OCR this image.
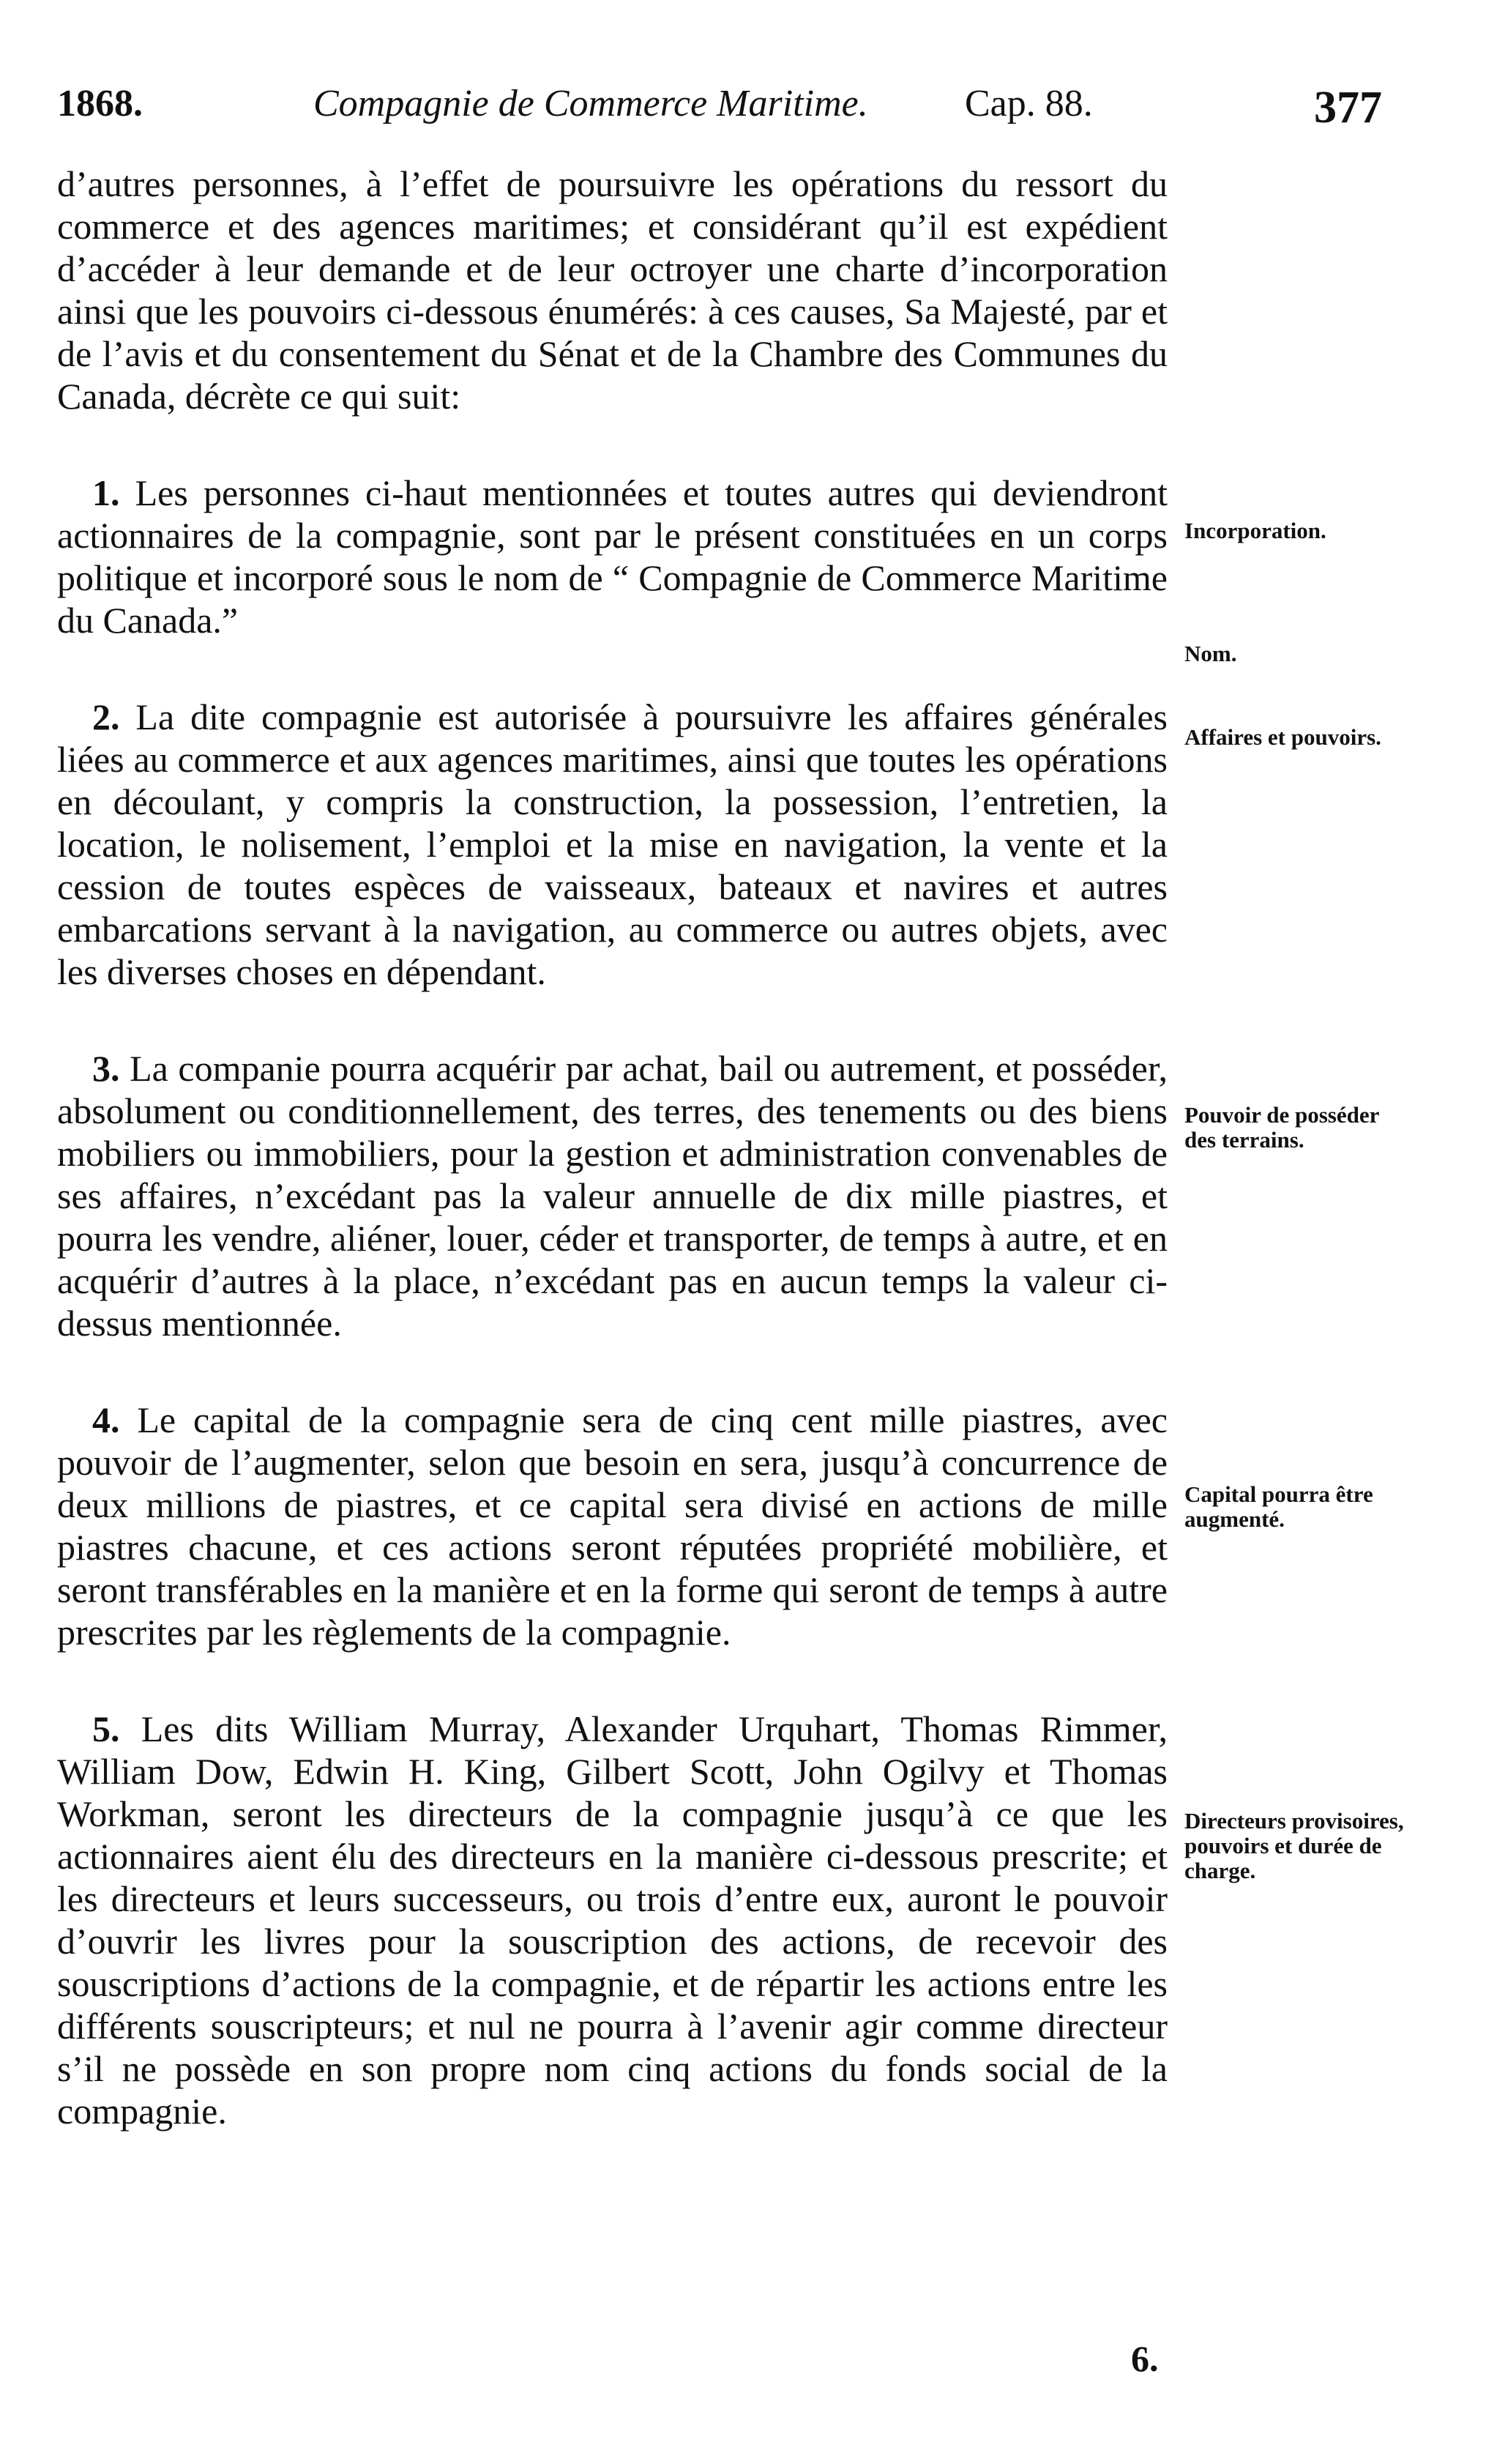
1868.	Compagnie de Commerce Maritime.	Cap. 88.	377

d’autres personnes, à l’effet de poursuivre les opérations du ressort du commerce et des agences maritimes; et considérant qu’il est expédient d’accéder à leur demande et de leur octroyer une charte d’incorporation ainsi que les pouvoirs ci-dessous énumérés: à ces causes, Sa Majesté, par et de l’avis et du consentement du Sénat et de la Chambre des Communes du Canada, décrète ce qui suit:

1. Les personnes ci-haut mentionnées et toutes autres qui deviendront actionnaires de la compagnie, sont par le présent constituées en un corps politique et incorporé sous le nom de “ Compagnie de Commerce Maritime du Canada.”

2. La dite compagnie est autorisée à poursuivre les affaires générales liées au commerce et aux agences maritimes, ainsi que toutes les opérations en découlant, y compris la construction, la possession, l’entretien, la location, le nolisement, l’emploi et la mise en navigation, la vente et la cession de toutes espèces de vaisseaux, bateaux et navires et autres embarcations servant à la navigation, au commerce ou autres objets, avec les diverses choses en dépendant.

3. La companie pourra acquérir par achat, bail ou autrement, et posséder, absolument ou conditionnellement, des terres, des tenements ou des biens mobiliers ou immobiliers, pour la gestion et administration convenables de ses affaires, n’excédant pas la valeur annuelle de dix mille piastres, et pourra les vendre, aliéner, louer, céder et transporter, de temps à autre, et en acquérir d’autres à la place, n’excédant pas en aucun temps la valeur ci-dessus mentionnée.

4. Le capital de la compagnie sera de cinq cent mille piastres, avec pouvoir de l’augmenter, selon que besoin en sera, jusqu’à concurrence de deux millions de piastres, et ce capital sera divisé en actions de mille piastres chacune, et ces actions seront réputées propriété mobilière, et seront transférables en la manière et en la forme qui seront de temps à autre prescrites par les règlements de la compagnie.

5. Les dits William Murray, Alexander Urquhart, Thomas Rimmer, William Dow, Edwin H. King, Gilbert Scott, John Ogilvy et Thomas Workman, seront les directeurs de la compagnie jusqu’à ce que les actionnaires aient élu des directeurs en la manière ci-dessous prescrite; et les directeurs et leurs successeurs, ou trois d’entre eux, auront le pouvoir d’ouvrir les livres pour la souscription des actions, de recevoir des souscriptions d’actions de la compagnie, et de répartir les actions entre les différents souscripteurs; et nul ne pourra à l’avenir agir comme directeur s’il ne possède en son propre nom cinq actions du fonds social de la compagnie.

Incorporation.
Nom.
Affaires et pouvoirs.
Pouvoir de posséder des terrains.
Capital pourra être augmenté.
Directeurs provisoires, pouvoirs et durée de charge.
6.
